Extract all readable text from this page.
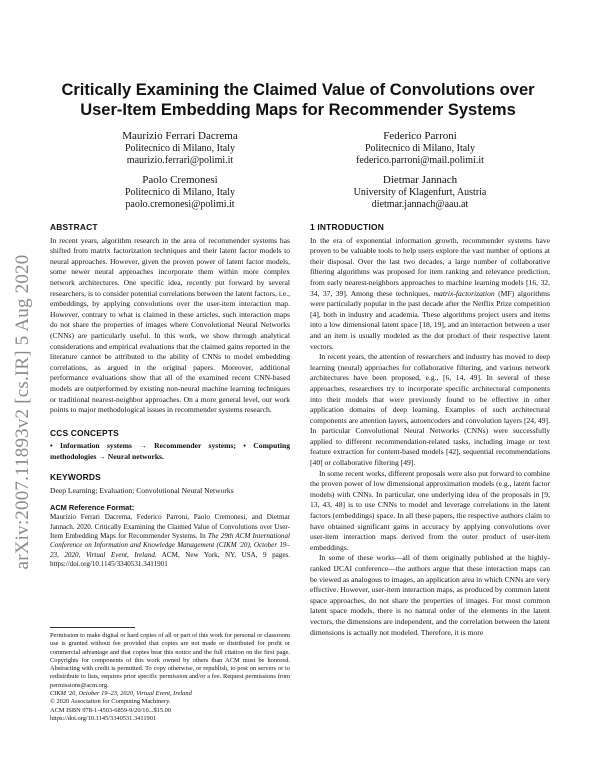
arXiv:2007.11893v2 [cs.IR] 5 Aug 2020
Critically Examining the Claimed Value of Convolutions over
User-Item Embedding Maps for Recommender Systems
Maurizio Ferrari Dacrema
Politecnico di Milano, Italy
maurizio.ferrari@polimi.it
Federico Parroni
Politecnico di Milano, Italy
federico.parroni@mail.polimi.it
Paolo Cremonesi
Politecnico di Milano, Italy
paolo.cremonesi@polimi.it
Dietmar Jannach
University of Klagenfurt, Austria
dietmar.jannach@aau.at
ABSTRACT

In recent years, algorithm research in the area of recommender systems has shifted from matrix factorization techniques and their latent factor models to neural approaches. However, given the proven power of latent factor models, some newer neural approaches incorporate them within more complex network architectures. One specific idea, recently put forward by several researchers, is to consider potential correlations between the latent factors, i.e., embeddings, by applying convolutions over the user-item interaction map. However, contrary to what is claimed in these articles, such interaction maps do not share the properties of images where Convolutional Neural Networks (CNNs) are particularly useful. In this work, we show through analytical considerations and empirical evaluations that the claimed gains reported in the literature cannot be attributed to the ability of CNNs to model embedding correlations, as argued in the original papers. Moreover, additional performance evaluations show that all of the examined recent CNN-based models are outperformed by existing non-neural machine learning techniques or traditional nearest-neighbor approaches. On a more general level, our work points to major methodological issues in recommender systems research.

CCS CONCEPTS

• Information systems → Recommender systems; • Computing methodologies → Neural networks.

KEYWORDS

Deep Learning; Evaluation; Convolutional Neural Networks

ACM Reference Format:

Maurizio Ferrari Dacrema, Federico Parroni, Paolo Cremonesi, and Dietmar Jannach. 2020. Critically Examining the Claimed Value of Convolutions over User-Item Embedding Maps for Recommender Systems. In The 29th ACM International Conference on Information and Knowledge Management (CIKM '20), October 19–23, 2020, Virtual Event, Ireland. ACM, New York, NY, USA, 9 pages. https://doi.org/10.1145/3340531.3411901

Permission to make digital or hard copies of all or part of this work for personal or classroom use is granted without fee provided that copies are not made or distributed for profit or commercial advantage and that copies bear this notice and the full citation on the first page. Copyrights for components of this work owned by others than ACM must be honored. Abstracting with credit is permitted. To copy otherwise, or republish, to post on servers or to redistribute to lists, requires prior specific permission and/or a fee. Request permissions from permissions@acm.org.

CIKM '20, October 19–23, 2020, Virtual Event, Ireland
© 2020 Association for Computing Machinery.
ACM ISBN 978-1-4503-6859-9/20/10...$15.00
https://doi.org/10.1145/3340531.3411901
1 INTRODUCTION

In the era of exponential information growth, recommender systems have proven to be valuable tools to help users explore the vast number of options at their disposal. Over the last two decades, a large number of collaborative filtering algorithms was proposed for item ranking and relevance prediction, from early nearest-neighbors approaches to machine learning models [16, 32, 34, 37, 39]. Among these techniques, matrix-factorization (MF) algorithms were particularly popular in the past decade after the Netflix Prize competition [4], both in industry and academia. These algorithms project users and items into a low dimensional latent space [18, 19], and an interaction between a user and an item is usually modeled as the dot product of their respective latent vectors.

In recent years, the attention of researchers and industry has moved to deep learning (neural) approaches for collaborative filtering, and various network architectures have been proposed, e.g., [6, 14, 49]. In several of these approaches, researchers try to incorporate specific architectural components into their models that were previously found to be effective in other application domains of deep learning. Examples of such architectural components are attention layers, autoencoders and convolution layers [24, 49]. In particular Convolutional Neural Networks (CNNs) were successfully applied to different recommendation-related tasks, including image or text feature extraction for content-based models [42], sequential recommendations [40] or collaborative filtering [49].

In some recent works, different proposals were also put forward to combine the proven power of low dimensional approximation models (e.g., latent factor models) with CNNs. In particular, one underlying idea of the proposals in [9, 13, 43, 48] is to use CNNs to model and leverage correlations in the latent factors (embeddings) space. In all these papers, the respective authors claim to have obtained significant gains in accuracy by applying convolutions over user-item interaction maps derived from the outer product of user-item embeddings.

In some of these works—all of them originally published at the highly-ranked IJCAI conference—the authors argue that these interaction maps can be viewed as analogous to images, an application area in which CNNs are very effective. However, user-item interaction maps, as produced by common latent space approaches, do not share the properties of images. For most common latent space models, there is no natural order of the elements in the latent vectors, the dimensions are independent, and the correlation between the latent dimensions is actually not modeled. Therefore, it is more
